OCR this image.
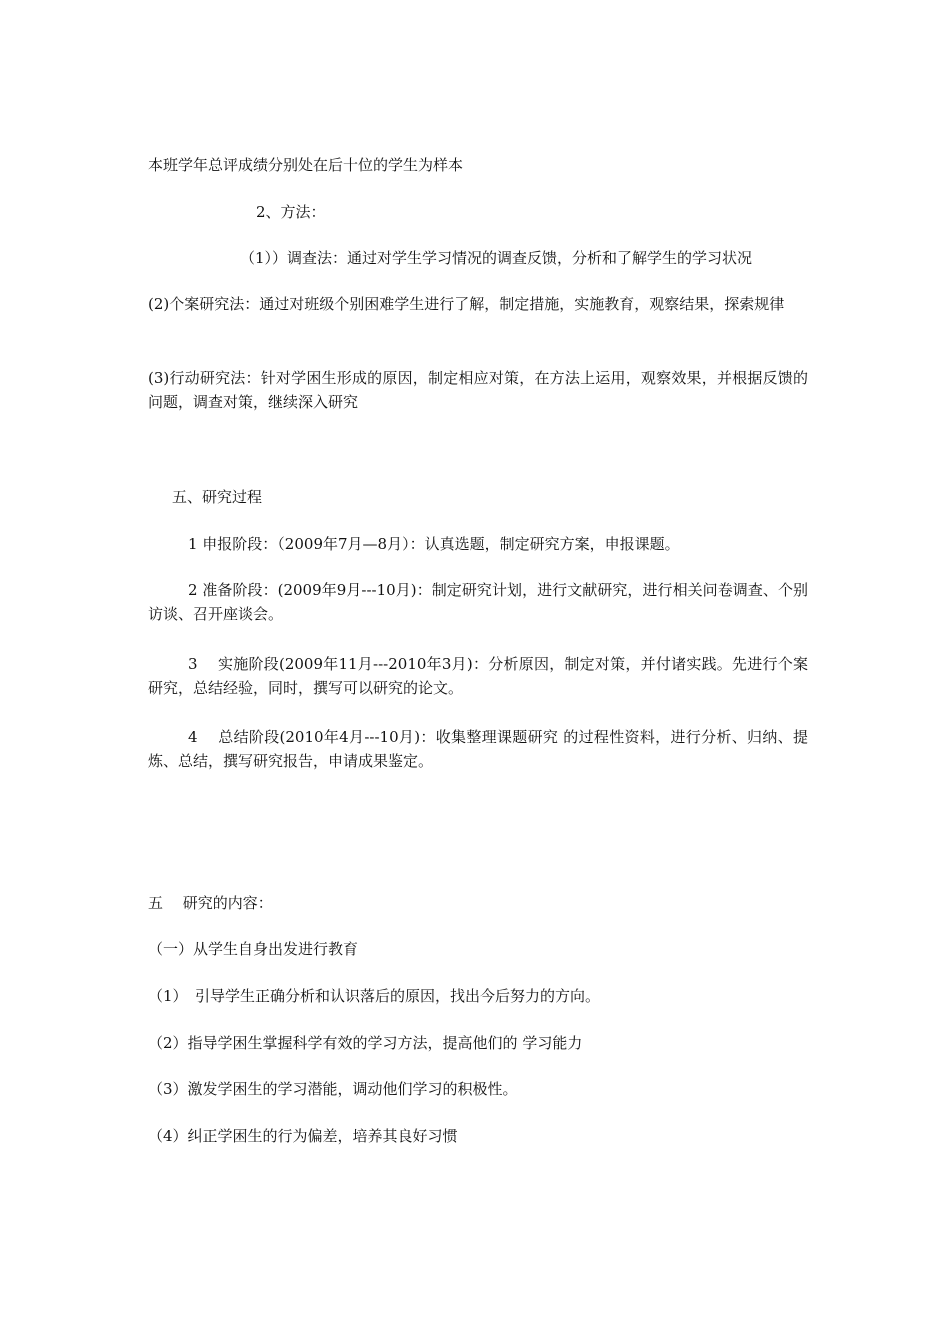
本班学年总评成绩分别处在后十位的学生为样本

2、方法：

（1））调查法：通过对学生学习情况的调查反馈，分析和了解学生的学习状况

(2)个案研究法：通过对班级个别困难学生进行了解，制定措施，实施教育，观察结果，探索规律

(3)行动研究法：针对学困生形成的原因，制定相应对策，在方法上运用，观察效果，并根据反馈的问题，调查对策，继续深入研究

五、研究过程

1 申报阶段：（2009年7月—8月）：认真选题，制定研究方案，申报课题。

2 准备阶段：(2009年9月---10月)：制定研究计划，进行文献研究，进行相关问卷调查、个别访谈、召开座谈会。

3　 实施阶段(2009年11月---2010年3月)：分析原因，制定对策，并付诸实践。先进行个案研究，总结经验，同时，撰写可以研究的论文。

4　 总结阶段(2010年4月---10月)：收集整理课题研究 的过程性资料，进行分析、归纳、提炼、总结，撰写研究报告，申请成果鉴定。

五　 研究的内容：

（一）从学生自身出发进行教育

（1）　引导学生正确分析和认识落后的原因，找出今后努力的方向。

（2）指导学困生掌握科学有效的学习方法，提高他们的 学习能力

（3）激发学困生的学习潜能，调动他们学习的积极性。

（4）纠正学困生的行为偏差，培养其良好习惯
